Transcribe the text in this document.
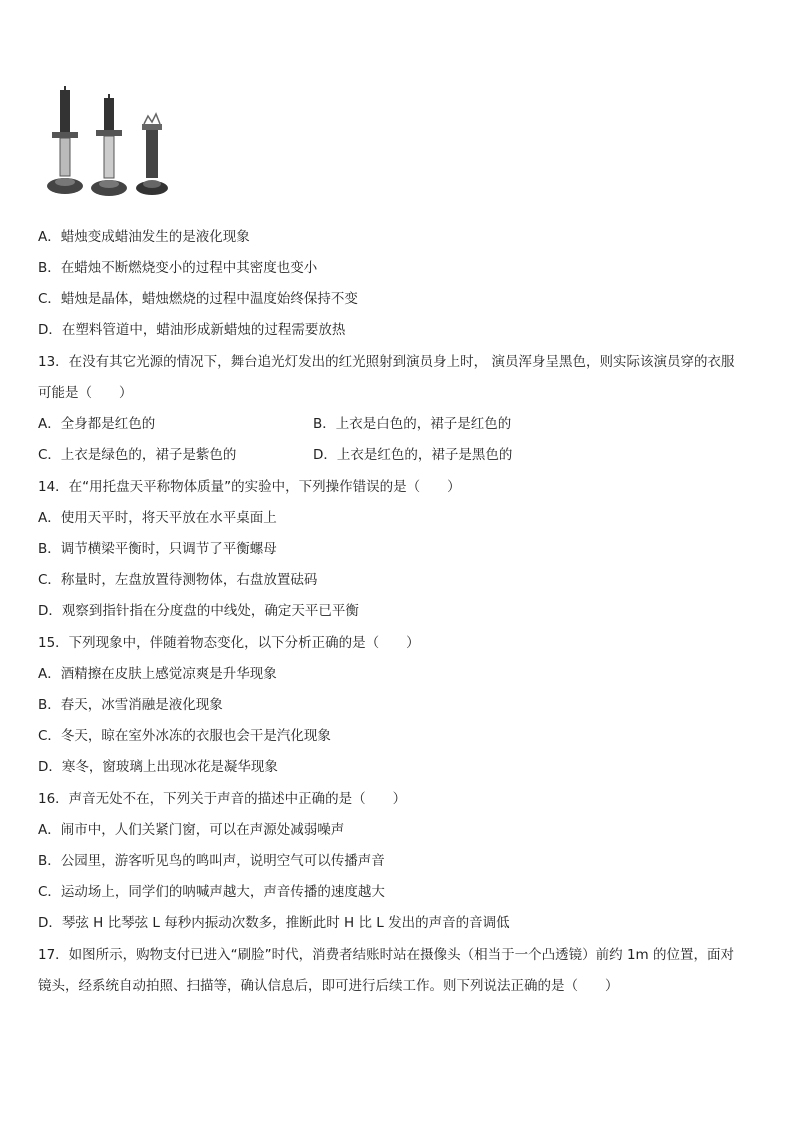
A．蜡烛变成蜡油发生的是液化现象
B．在蜡烛不断燃烧变小的过程中其密度也变小
C．蜡烛是晶体，蜡烛燃烧的过程中温度始终保持不变
D．在塑料管道中，蜡油形成新蜡烛的过程需要放热
13．在没有其它光源的情况下，舞台追光灯发出的红光照射到演员身上时， 演员浑身呈黑色，则实际该演员穿的衣服
可能是（　　）
A．全身都是红色的	B．上衣是白色的，裙子是红色的
C．上衣是绿色的，裙子是紫色的	D．上衣是红色的，裙子是黑色的
14．在“用托盘天平称物体质量”的实验中，下列操作错误的是（　　）
A．使用天平时，将天平放在水平桌面上
B．调节横梁平衡时，只调节了平衡螺母
C．称量时，左盘放置待测物体，右盘放置砝码
D．观察到指针指在分度盘的中线处，确定天平已平衡
15．下列现象中，伴随着物态变化，以下分析正确的是（　　）
A．酒精擦在皮肤上感觉凉爽是升华现象
B．春天，冰雪消融是液化现象
C．冬天，晾在室外冰冻的衣服也会干是汽化现象
D．寒冬，窗玻璃上出现冰花是凝华现象
16．声音无处不在，下列关于声音的描述中正确的是（　　）
A．闹市中，人们关紧门窗，可以在声源处减弱噪声
B．公园里，游客听见鸟的鸣叫声，说明空气可以传播声音
C．运动场上，同学们的呐喊声越大，声音传播的速度越大
D．琴弦 H 比琴弦 L 每秒内振动次数多，推断此时 H 比 L 发出的声音的音调低
17．如图所示，购物支付已进入“刷脸”时代，消费者结账时站在摄像头（相当于一个凸透镜）前约 1m 的位置，面对
镜头，经系统自动拍照、扫描等，确认信息后，即可进行后续工作。则下列说法正确的是（　　）
